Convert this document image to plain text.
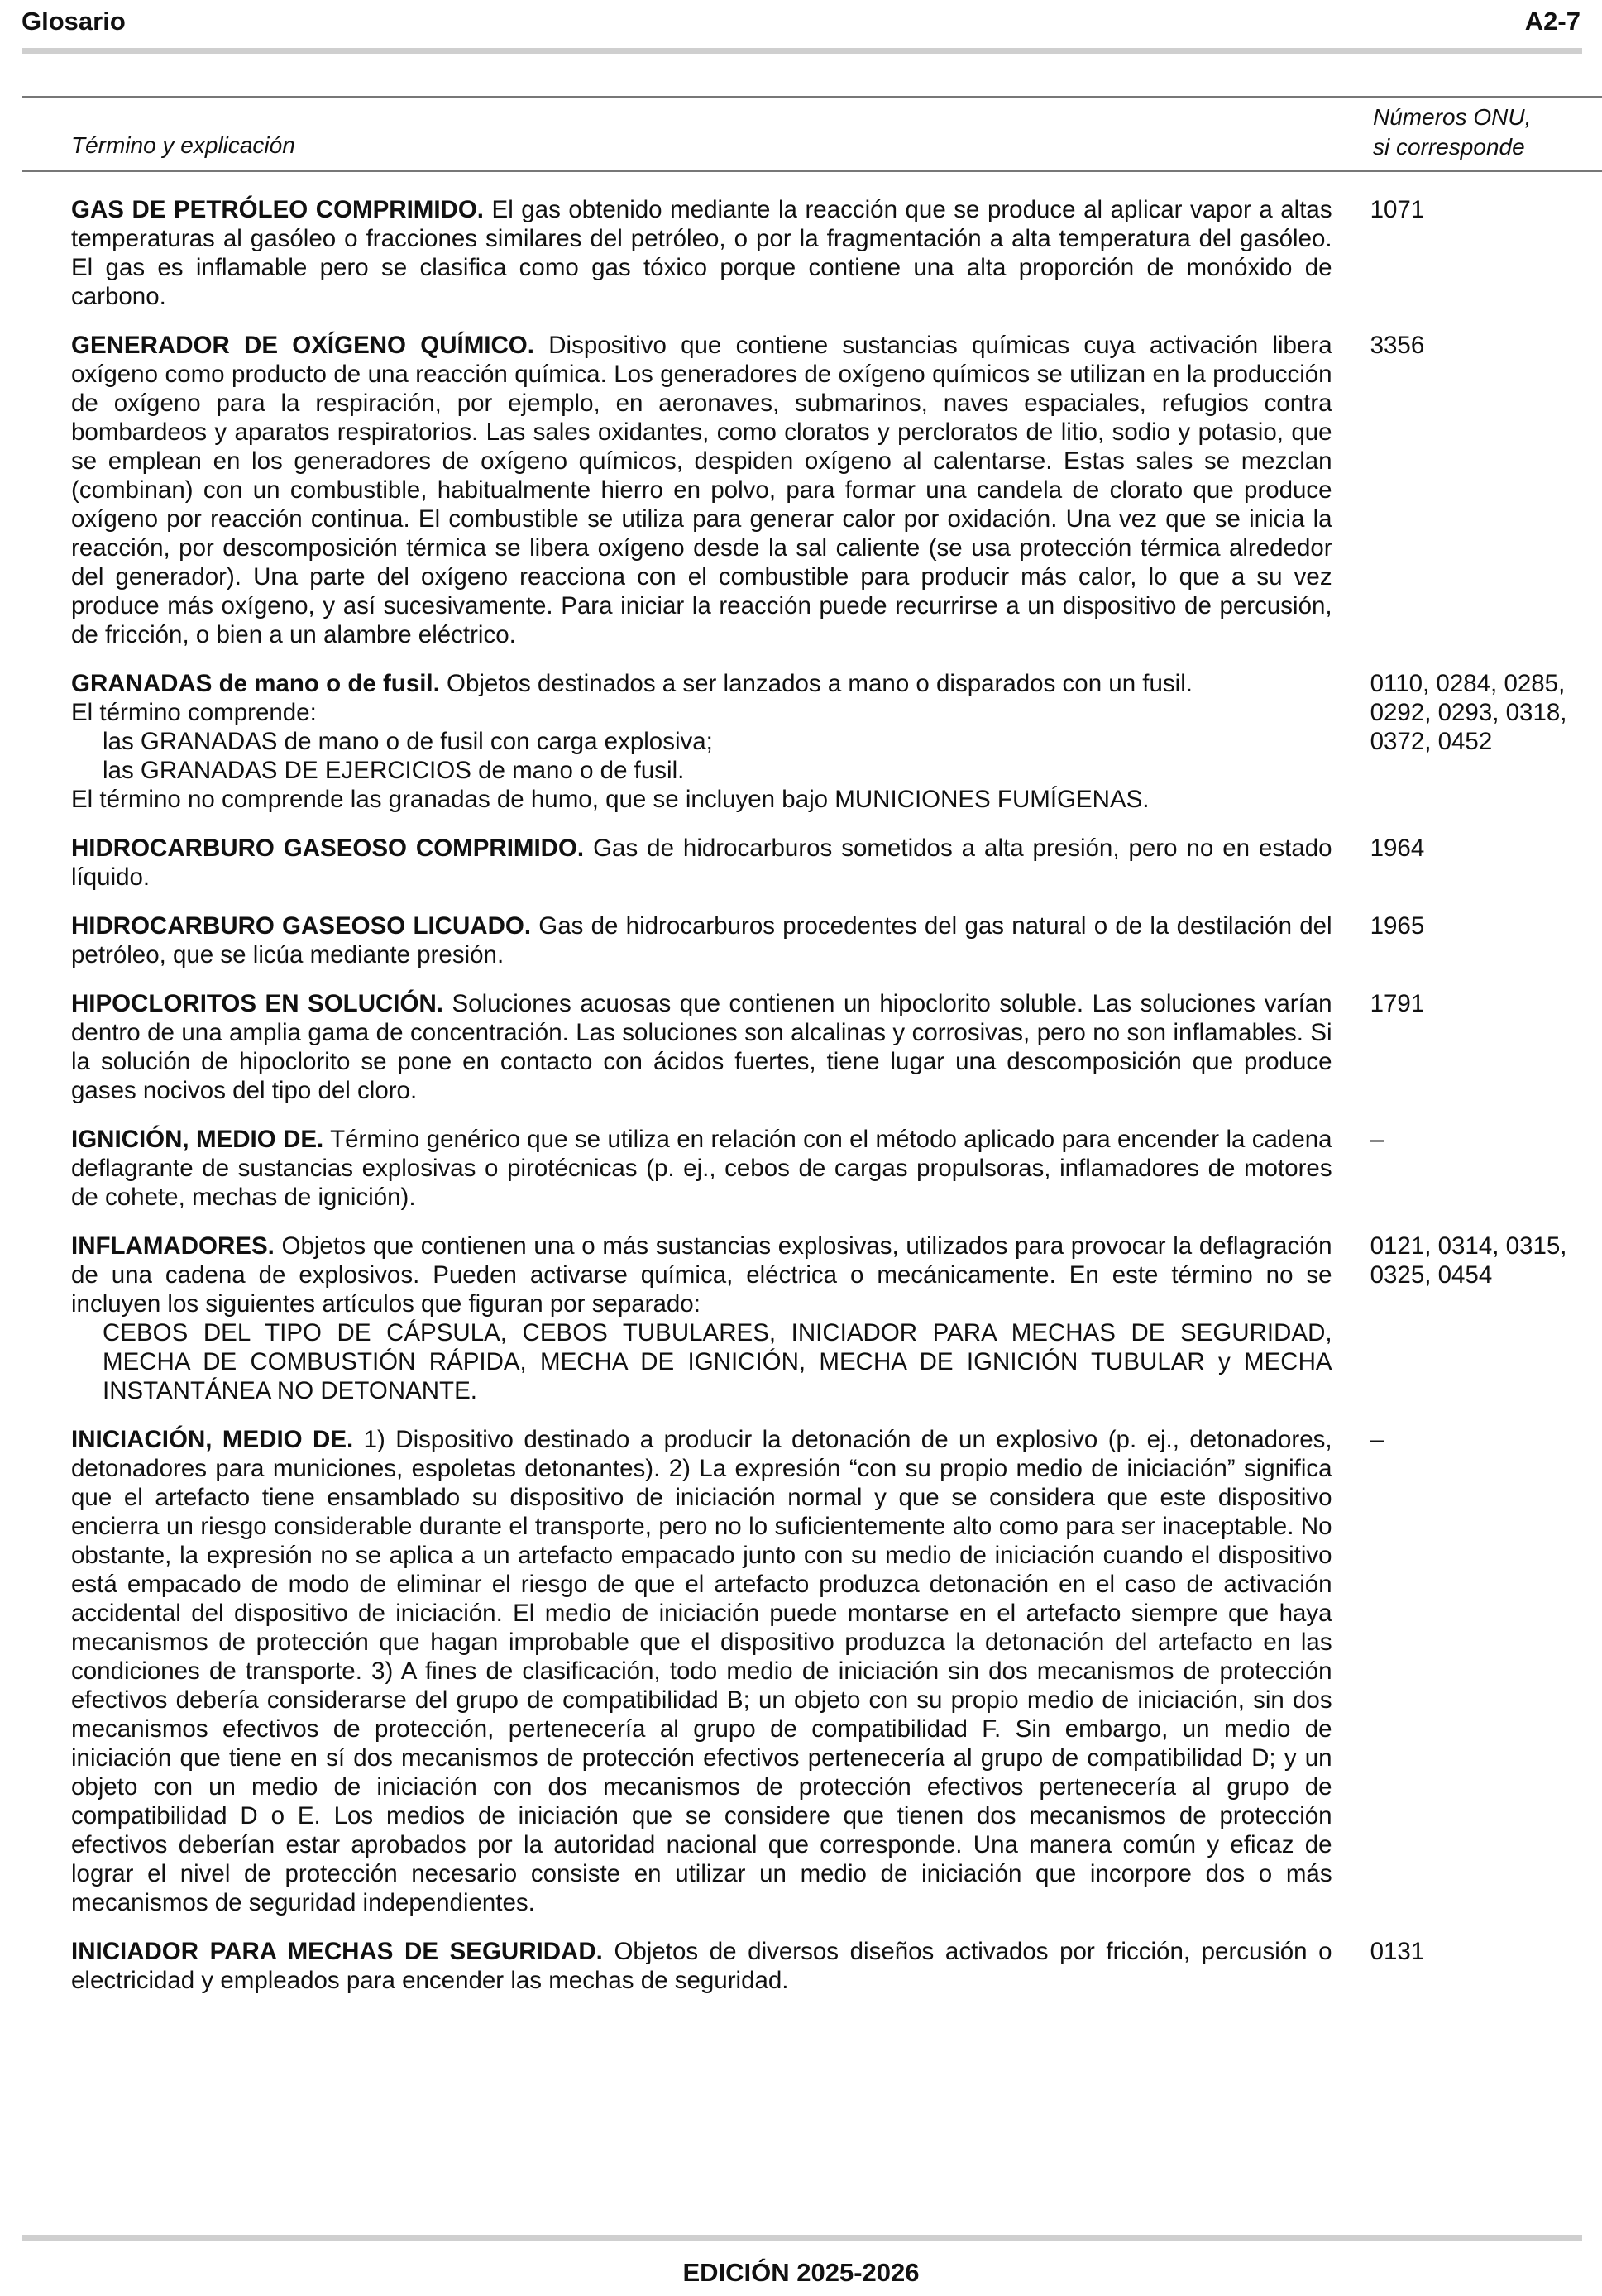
Glosario	A2-7
Término y explicación
Números ONU,
si corresponde
GAS DE PETRÓLEO COMPRIMIDO. El gas obtenido mediante la reacción que se produce al aplicar vapor a altas temperaturas al gasóleo o fracciones similares del petróleo, o por la fragmentación a alta temperatura del gasóleo. El gas es inflamable pero se clasifica como gas tóxico porque contiene una alta proporción de monóxido de carbono.
1071
GENERADOR DE OXÍGENO QUÍMICO. Dispositivo que contiene sustancias químicas cuya activación libera oxígeno como producto de una reacción química. Los generadores de oxígeno químicos se utilizan en la producción de oxígeno para la respiración, por ejemplo, en aeronaves, submarinos, naves espaciales, refugios contra bombardeos y aparatos respiratorios. Las sales oxidantes, como cloratos y percloratos de litio, sodio y potasio, que se emplean en los generadores de oxígeno químicos, despiden oxígeno al calentarse. Estas sales se mezclan (combinan) con un combustible, habitualmente hierro en polvo, para formar una candela de clorato que produce oxígeno por reacción continua. El combustible se utiliza para generar calor por oxidación. Una vez que se inicia la reacción, por descomposición térmica se libera oxígeno desde la sal caliente (se usa protección térmica alrededor del generador). Una parte del oxígeno reacciona con el combustible para producir más calor, lo que a su vez produce más oxígeno, y así sucesivamente. Para iniciar la reacción puede recurrirse a un dispositivo de percusión, de fricción, o bien a un alambre eléctrico.
3356
GRANADAS de mano o de fusil. Objetos destinados a ser lanzados a mano o disparados con un fusil.
El término comprende:
las GRANADAS de mano o de fusil con carga explosiva;
las GRANADAS DE EJERCICIOS de mano o de fusil.
El término no comprende las granadas de humo, que se incluyen bajo MUNICIONES FUMÍGENAS.
0110, 0284, 0285,
0292, 0293, 0318,
0372, 0452
HIDROCARBURO GASEOSO COMPRIMIDO. Gas de hidrocarburos sometidos a alta presión, pero no en estado líquido.
1964
HIDROCARBURO GASEOSO LICUADO. Gas de hidrocarburos procedentes del gas natural o de la destilación del petróleo, que se licúa mediante presión.
1965
HIPOCLORITOS EN SOLUCIÓN. Soluciones acuosas que contienen un hipoclorito soluble. Las soluciones varían dentro de una amplia gama de concentración. Las soluciones son alcalinas y corrosivas, pero no son inflamables. Si la solución de hipoclorito se pone en contacto con ácidos fuertes, tiene lugar una descomposición que produce gases nocivos del tipo del cloro.
1791
IGNICIÓN, MEDIO DE. Término genérico que se utiliza en relación con el método aplicado para encender la cadena deflagrante de sustancias explosivas o pirotécnicas (p. ej., cebos de cargas propulsoras, inflamadores de motores de cohete, mechas de ignición).
–
INFLAMADORES. Objetos que contienen una o más sustancias explosivas, utilizados para provocar la deflagración de una cadena de explosivos. Pueden activarse química, eléctrica o mecánicamente. En este término no se incluyen los siguientes artículos que figuran por separado:
CEBOS DEL TIPO DE CÁPSULA, CEBOS TUBULARES, INICIADOR PARA MECHAS DE SEGURIDAD, MECHA DE COMBUSTIÓN RÁPIDA, MECHA DE IGNICIÓN, MECHA DE IGNICIÓN TUBULAR y MECHA INSTANTÁNEA NO DETONANTE.
0121, 0314, 0315,
0325, 0454
INICIACIÓN, MEDIO DE. 1) Dispositivo destinado a producir la detonación de un explosivo (p. ej., detonadores, detonadores para municiones, espoletas detonantes). 2) La expresión “con su propio medio de iniciación” significa que el artefacto tiene ensamblado su dispositivo de iniciación normal y que se considera que este dispositivo encierra un riesgo considerable durante el transporte, pero no lo suficientemente alto como para ser inaceptable. No obstante, la expresión no se aplica a un artefacto empacado junto con su medio de iniciación cuando el dispositivo está empacado de modo de eliminar el riesgo de que el artefacto produzca detonación en el caso de activación accidental del dispositivo de iniciación. El medio de iniciación puede montarse en el artefacto siempre que haya mecanismos de protección que hagan improbable que el dispositivo produzca la detonación del artefacto en las condiciones de transporte. 3) A fines de clasificación, todo medio de iniciación sin dos mecanismos de protección efectivos debería considerarse del grupo de compatibilidad B; un objeto con su propio medio de iniciación, sin dos mecanismos efectivos de protección, pertenecería al grupo de compatibilidad F. Sin embargo, un medio de iniciación que tiene en sí dos mecanismos de protección efectivos pertenecería al grupo de compatibilidad D; y un objeto con un medio de iniciación con dos mecanismos de protección efectivos pertenecería al grupo de compatibilidad D o E. Los medios de iniciación que se considere que tienen dos mecanismos de protección efectivos deberían estar aprobados por la autoridad nacional que corresponde. Una manera común y eficaz de lograr el nivel de protección necesario consiste en utilizar un medio de iniciación que incorpore dos o más mecanismos de seguridad independientes.
–
INICIADOR PARA MECHAS DE SEGURIDAD. Objetos de diversos diseños activados por fricción, percusión o electricidad y empleados para encender las mechas de seguridad.
0131
EDICIÓN 2025-2026
